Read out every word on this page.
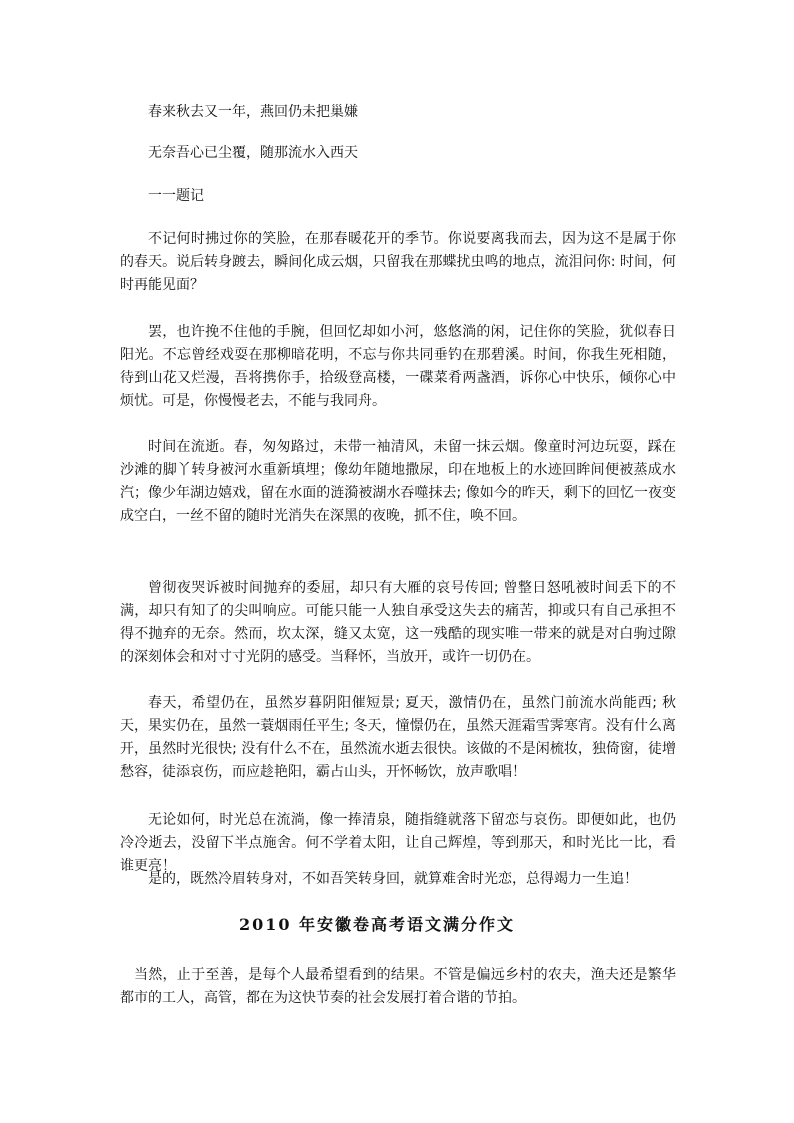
春来秋去又一年，燕回仍未把巢嫌

无奈吾心已尘覆，随那流水入西天

一一题记

不记何时拂过你的笑脸，在那春暖花开的季节。你说要离我而去，因为这不是属于你的春天。说后转身踱去，瞬间化成云烟，只留我在那蝶扰虫鸣的地点，流泪问你: 时间，何时再能见面？

罢，也许挽不住他的手腕，但回忆却如小河，悠悠淌的闲，记住你的笑脸，犹似春日阳光。不忘曾经戏耍在那柳暗花明，不忘与你共同垂钓在那碧溪。时间，你我生死相随，待到山花又烂漫，吾将携你手，拾级登高楼，一碟菜肴两盏酒，诉你心中快乐，倾你心中烦忧。可是，你慢慢老去，不能与我同舟。

时间在流逝。春，匆匆路过，未带一袖清风，未留一抹云烟。像童时河边玩耍，踩在沙滩的脚丫转身被河水重新填埋；像幼年随地撒尿，印在地板上的水迹回眸间便被蒸成水汽；像少年湖边嬉戏，留在水面的涟漪被湖水吞噬抹去; 像如今的昨天，剩下的回忆一夜变成空白，一丝不留的随时光消失在深黑的夜晚，抓不住，唤不回。

曾彻夜哭诉被时间抛弃的委屈，却只有大雁的哀号传回; 曾整日怒吼被时间丢下的不满，却只有知了的尖叫响应。可能只能一人独自承受这失去的痛苦，抑或只有自己承担不得不抛弃的无奈。然而，坎太深，缝又太宽，这一残酷的现实唯一带来的就是对白驹过隙的深刻体会和对寸寸光阴的感受。当释怀，当放开，或许一切仍在。

春天，希望仍在，虽然岁暮阴阳催短景; 夏天，激情仍在，虽然门前流水尚能西; 秋天，果实仍在，虽然一蓑烟雨任平生; 冬天，憧憬仍在，虽然天涯霜雪霁寒宵。没有什么离开，虽然时光很快; 没有什么不在，虽然流水逝去很快。该做的不是闲梳妆，独倚窗，徒增愁容，徒添哀伤，而应趁艳阳，霸占山头，开怀畅饮，放声歌唱！

无论如何，时光总在流淌，像一捧清泉，随指缝就落下留恋与哀伤。即便如此，也仍冷冷逝去，没留下半点施舍。何不学着太阳，让自己辉煌，等到那天，和时光比一比，看谁更亮！

是的，既然冷眉转身对，不如吾笑转身回，就算难舍时光恋，总得竭力一生追！

2010 年安徽卷高考语文满分作文

当然，止于至善，是每个人最希望看到的结果。不管是偏远乡村的农夫，渔夫还是繁华都市的工人，高管，都在为这快节奏的社会发展打着合谐的节拍。
